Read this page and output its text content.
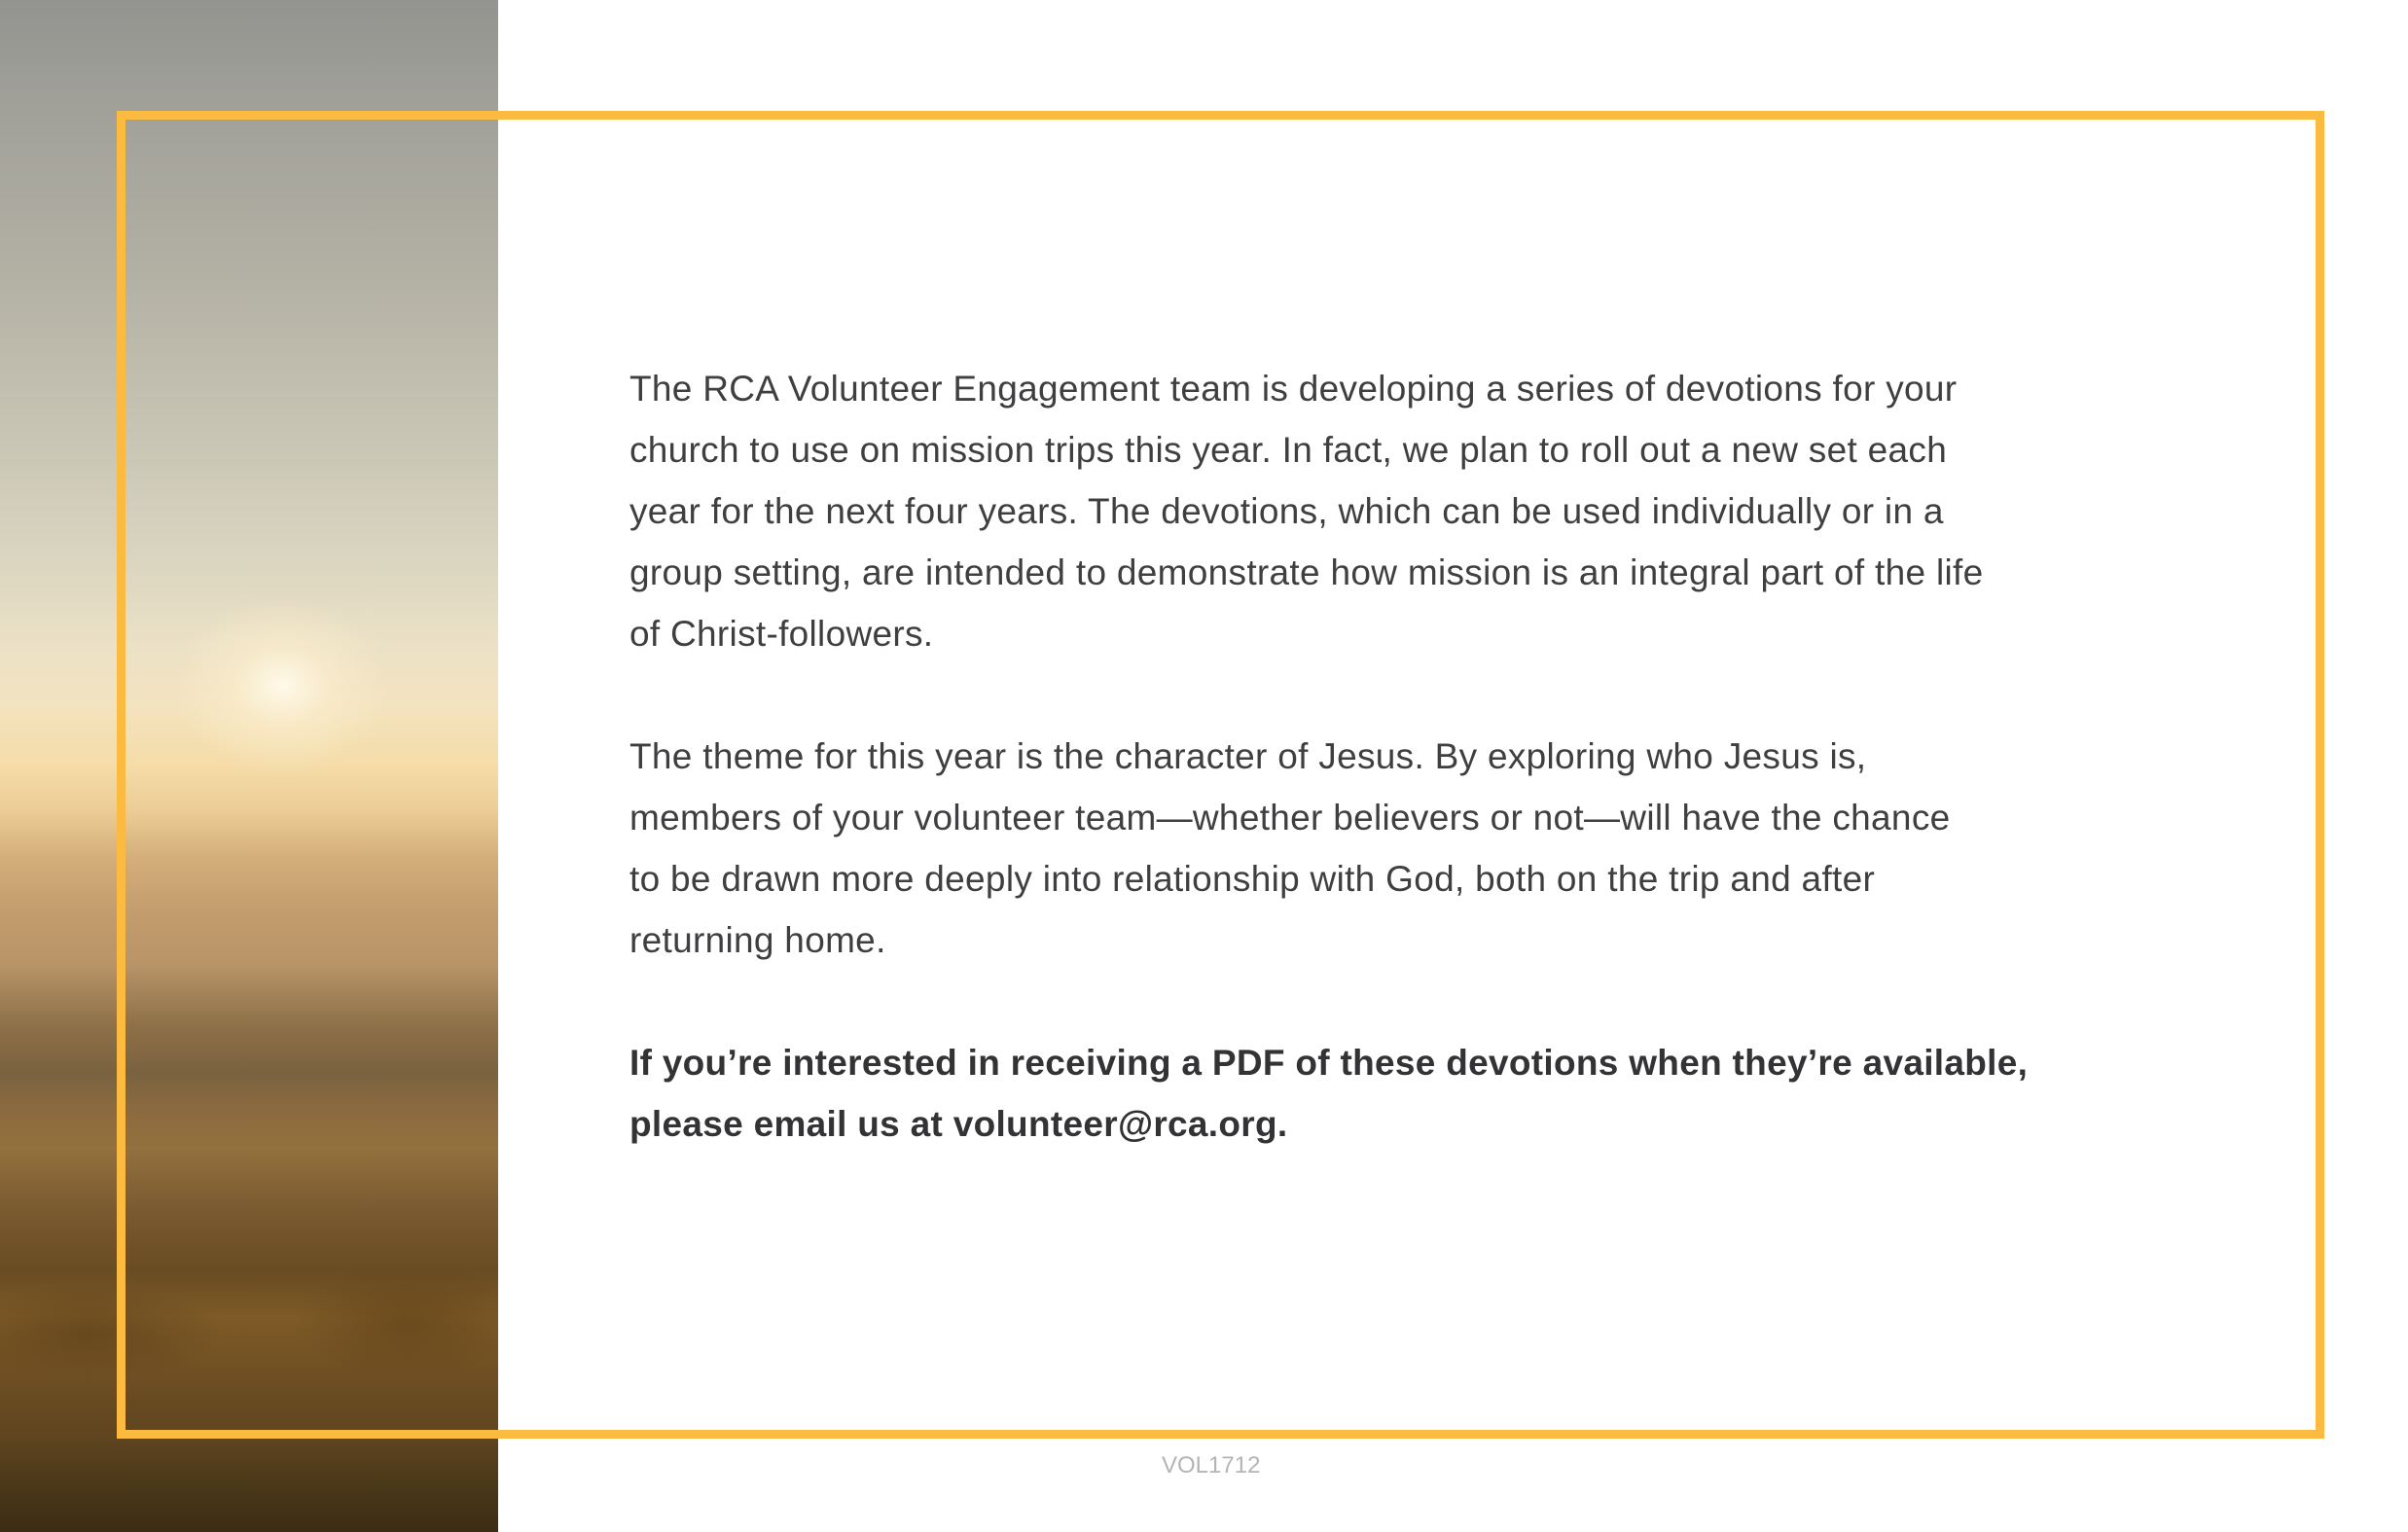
The RCA Volunteer Engagement team is developing a series of devotions for your
church to use on mission trips this year. In fact, we plan to roll out a new set each
year for the next four years. The devotions, which can be used individually or in a
group setting, are intended to demonstrate how mission is an integral part of the life
of Christ-followers.

The theme for this year is the character of Jesus. By exploring who Jesus is,
members of your volunteer team—whether believers or not—will have the chance
to be drawn more deeply into relationship with God, both on the trip and after
returning home.

If you’re interested in receiving a PDF of these devotions when they’re available,
please email us at volunteer@rca.org.

VOL1712
